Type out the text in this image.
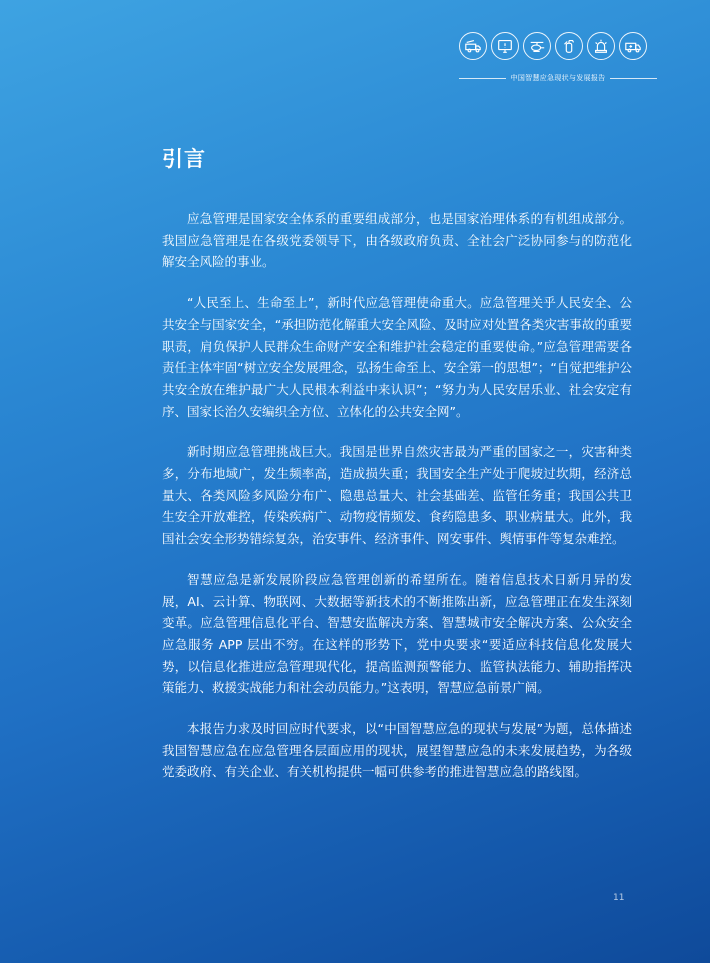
中国智慧应急现状与发展报告
引言

应急管理是国家安全体系的重要组成部分，也是国家治理体系的有机组成部分。我国应急管理是在各级党委领导下，由各级政府负责、全社会广泛协同参与的防范化解安全风险的事业。

“人民至上、生命至上”，新时代应急管理使命重大。应急管理关乎人民安全、公共安全与国家安全，“承担防范化解重大安全风险、及时应对处置各类灾害事故的重要职责，肩负保护人民群众生命财产安全和维护社会稳定的重要使命。”应急管理需要各责任主体牢固“树立安全发展理念，弘扬生命至上、安全第一的思想”；“自觉把维护公共安全放在维护最广大人民根本利益中来认识”；“努力为人民安居乐业、社会安定有序、国家长治久安编织全方位、立体化的公共安全网”。

新时期应急管理挑战巨大。我国是世界自然灾害最为严重的国家之一，灾害种类多，分布地域广，发生频率高，造成损失重；我国安全生产处于爬坡过坎期，经济总量大、各类风险多风险分布广、隐患总量大、社会基础差、监管任务重；我国公共卫生安全开放难控，传染疾病广、动物疫情频发、食药隐患多、职业病量大。此外，我国社会安全形势错综复杂，治安事件、经济事件、网安事件、舆情事件等复杂难控。

智慧应急是新发展阶段应急管理创新的希望所在。随着信息技术日新月异的发展，AI、云计算、物联网、大数据等新技术的不断推陈出新，应急管理正在发生深刻变革。应急管理信息化平台、智慧安监解决方案、智慧城市安全解决方案、公众安全应急服务 APP 层出不穷。在这样的形势下，党中央要求“要适应科技信息化发展大势，以信息化推进应急管理现代化，提高监测预警能力、监管执法能力、辅助指挥决策能力、救援实战能力和社会动员能力。”这表明，智慧应急前景广阔。

本报告力求及时回应时代要求，以“中国智慧应急的现状与发展”为题，总体描述我国智慧应急在应急管理各层面应用的现状，展望智慧应急的未来发展趋势，为各级党委政府、有关企业、有关机构提供一幅可供参考的推进智慧应急的路线图。

11
